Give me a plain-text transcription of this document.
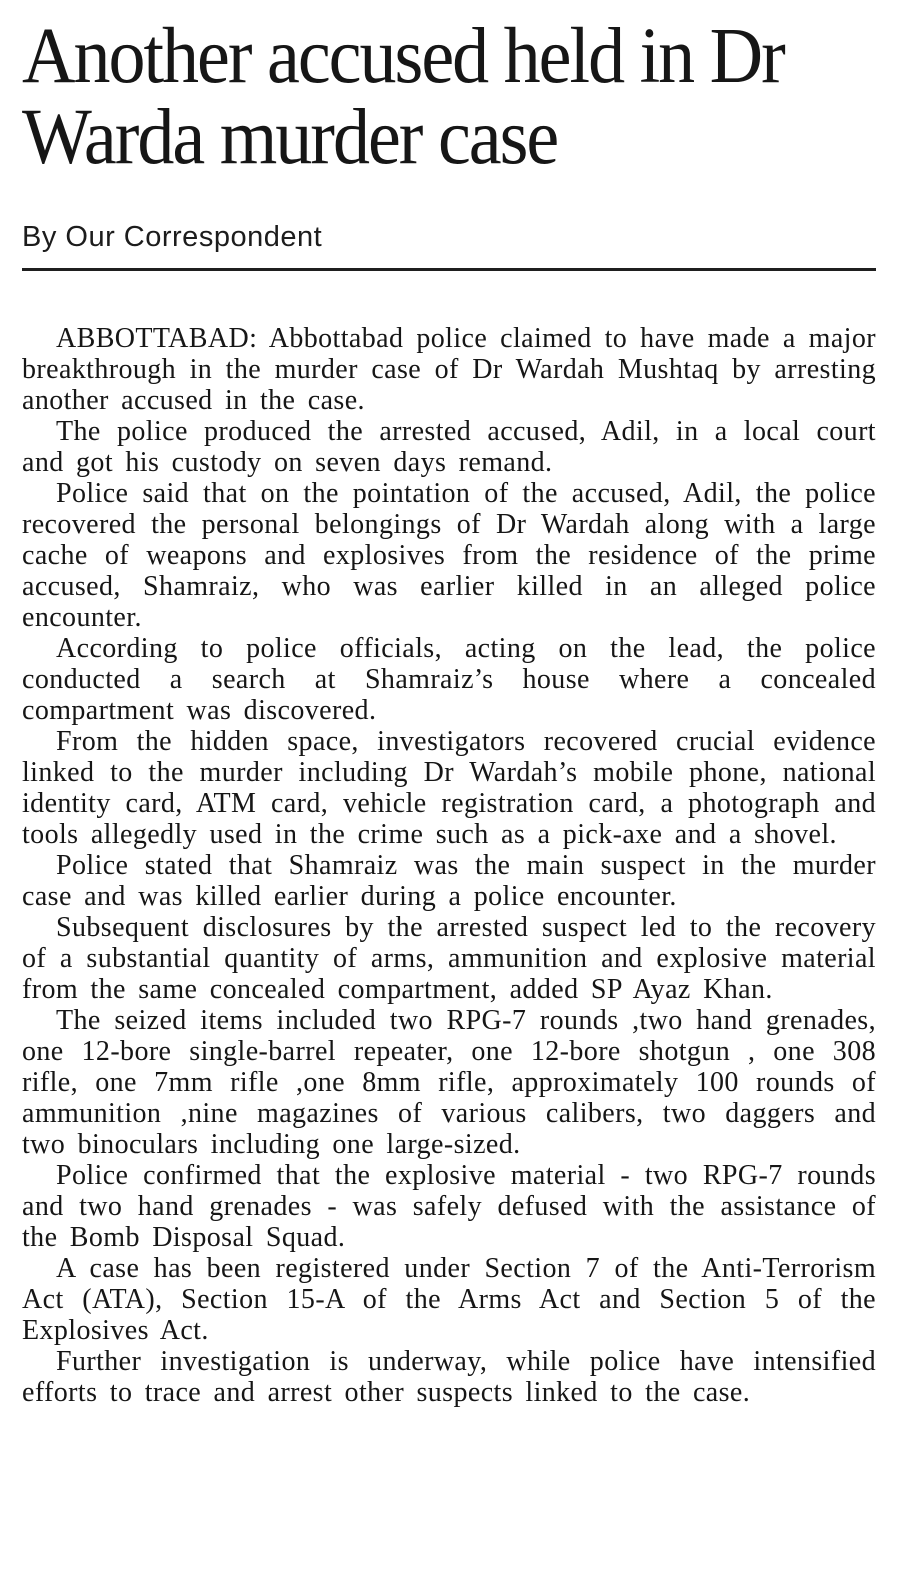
Another accused held in Dr Warda murder case
By Our Correspondent

ABBOTTABAD: Abbottabad police claimed to have made a major breakthrough in the murder case of Dr Wardah Mushtaq by arresting another accused in the case.

The police produced the arrested accused, Adil, in a local court and got his custody on seven days remand.

Police said that on the pointation of the accused, Adil, the police recovered the personal belongings of Dr Wardah along with a large cache of weapons and explosives from the residence of the prime accused, Shamraiz, who was earlier killed in an alleged police encounter.

According to police officials, acting on the lead, the police conducted a search at Shamraiz’s house where a concealed compartment was discovered.

From the hidden space, investigators recovered crucial evidence linked to the murder including Dr Wardah’s mobile phone, national identity card, ATM card, vehicle registration card, a photograph and tools allegedly used in the crime such as a pick-axe and a shovel.

Police stated that Shamraiz was the main suspect in the murder case and was killed earlier during a police encounter.

Subsequent disclosures by the arrested suspect led to the recovery of a substantial quantity of arms, ammunition and explosive material from the same concealed compartment, added SP Ayaz Khan.

The seized items included two RPG-7 rounds ,two hand grenades, one 12-bore single-barrel repeater, one 12-bore shotgun , one 308 rifle, one 7mm rifle ,one 8mm rifle, approximately 100 rounds of ammunition ,nine magazines of various calibers, two daggers and two binoculars including one large-sized.

Police confirmed that the explosive material - two RPG-7 rounds and two hand grenades - was safely defused with the assistance of the Bomb Disposal Squad.

A case has been registered under Section 7 of the Anti-Terrorism Act (ATA), Section 15-A of the Arms Act and Section 5 of the Explosives Act.

Further investigation is underway, while police have intensified efforts to trace and arrest other suspects linked to the case.
